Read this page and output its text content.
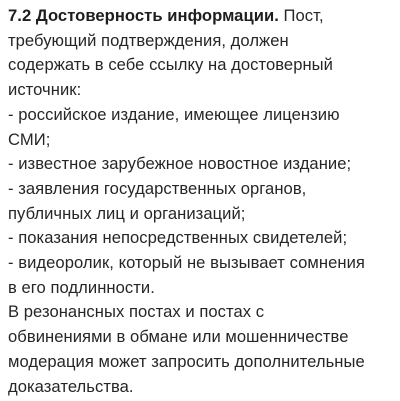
7.2 Достоверность информации. Пост,
требующий подтверждения, должен
содержать в себе ссылку на достоверный
источник:
- российское издание, имеющее лицензию
СМИ;
- известное зарубежное новостное издание;
- заявления государственных органов,
публичных лиц и организаций;
- показания непосредственных свидетелей;
- видеоролик, который не вызывает сомнения
в его подлинности.
В резонансных постах и постах с
обвинениями в обмане или мошенничестве
модерация может запросить дополнительные
доказательства.
